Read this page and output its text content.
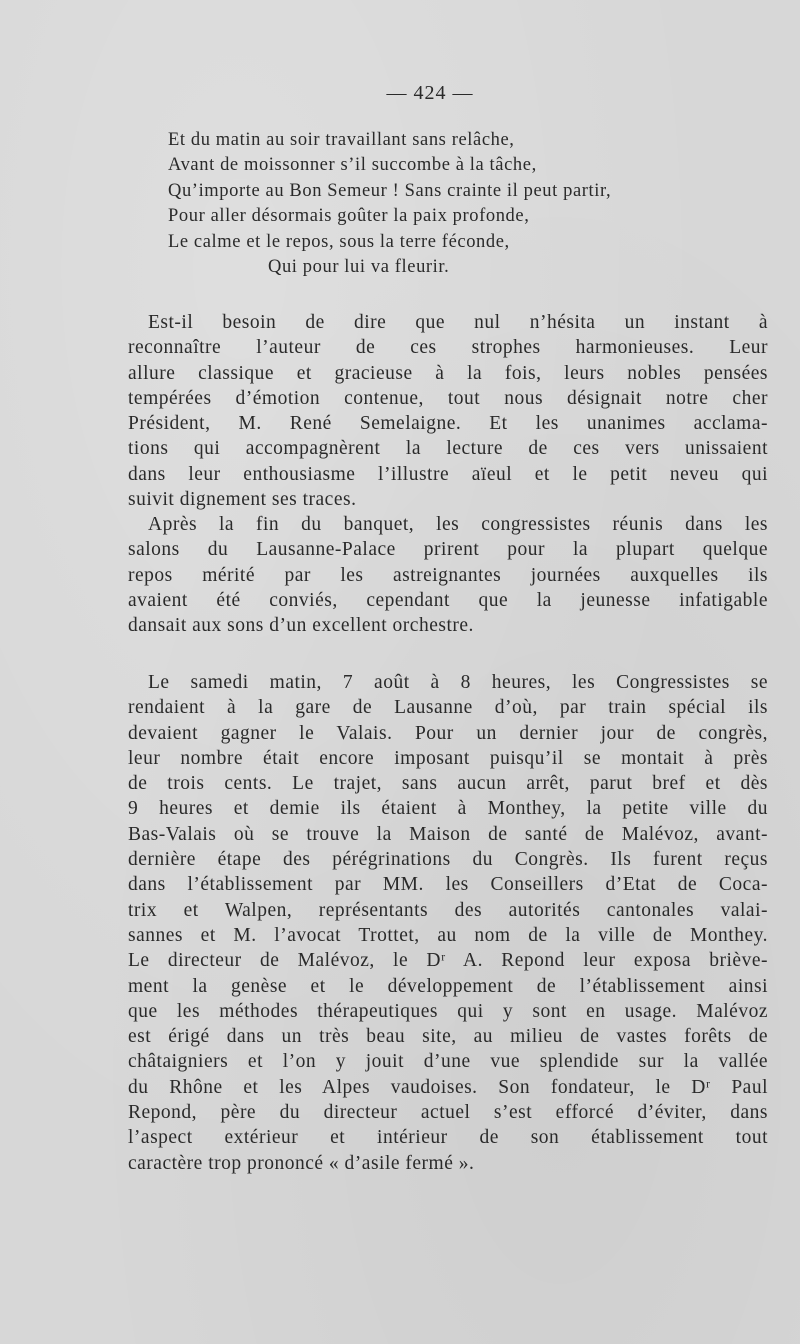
— 424 —
Et du matin au soir travaillant sans relâche,
Avant de moissonner s’il succombe à la tâche,
Qu’importe au Bon Semeur ! Sans crainte il peut partir,
Pour aller désormais goûter la paix profonde,
Le calme et le repos, sous la terre féconde,
Qui pour lui va fleurir.
Est-il besoin de dire que nul n’hésita un instant à
reconnaître l’auteur de ces strophes harmonieuses. Leur
allure classique et gracieuse à la fois, leurs nobles pensées
tempérées d’émotion contenue, tout nous désignait notre cher
Président, M. René Semelaigne. Et les unanimes acclama-
tions qui accompagnèrent la lecture de ces vers unissaient
dans leur enthousiasme l’illustre aïeul et le petit neveu qui
suivit dignement ses traces.
Après la fin du banquet, les congressistes réunis dans les
salons du Lausanne-Palace prirent pour la plupart quelque
repos mérité par les astreignantes journées auxquelles ils
avaient été conviés, cependant que la jeunesse infatigable
dansait aux sons d’un excellent orchestre.
Le samedi matin, 7 août à 8 heures, les Congressistes se
rendaient à la gare de Lausanne d’où, par train spécial ils
devaient gagner le Valais. Pour un dernier jour de congrès,
leur nombre était encore imposant puisqu’il se montait à près
de trois cents. Le trajet, sans aucun arrêt, parut bref et dès
9 heures et demie ils étaient à Monthey, la petite ville du
Bas-Valais où se trouve la Maison de santé de Malévoz, avant-
dernière étape des pérégrinations du Congrès. Ils furent reçus
dans l’établissement par MM. les Conseillers d’Etat de Coca-
trix et Walpen, représentants des autorités cantonales valai-
sannes et M. l’avocat Trottet, au nom de la ville de Monthey.
Le directeur de Malévoz, le Dʳ A. Repond leur exposa briève-
ment la genèse et le développement de l’établissement ainsi
que les méthodes thérapeutiques qui y sont en usage. Malévoz
est érigé dans un très beau site, au milieu de vastes forêts de
châtaigniers et l’on y jouit d’une vue splendide sur la vallée
du Rhône et les Alpes vaudoises. Son fondateur, le Dʳ Paul
Repond, père du directeur actuel s’est efforcé d’éviter, dans
l’aspect extérieur et intérieur de son établissement tout
caractère trop prononcé « d’asile fermé ».
